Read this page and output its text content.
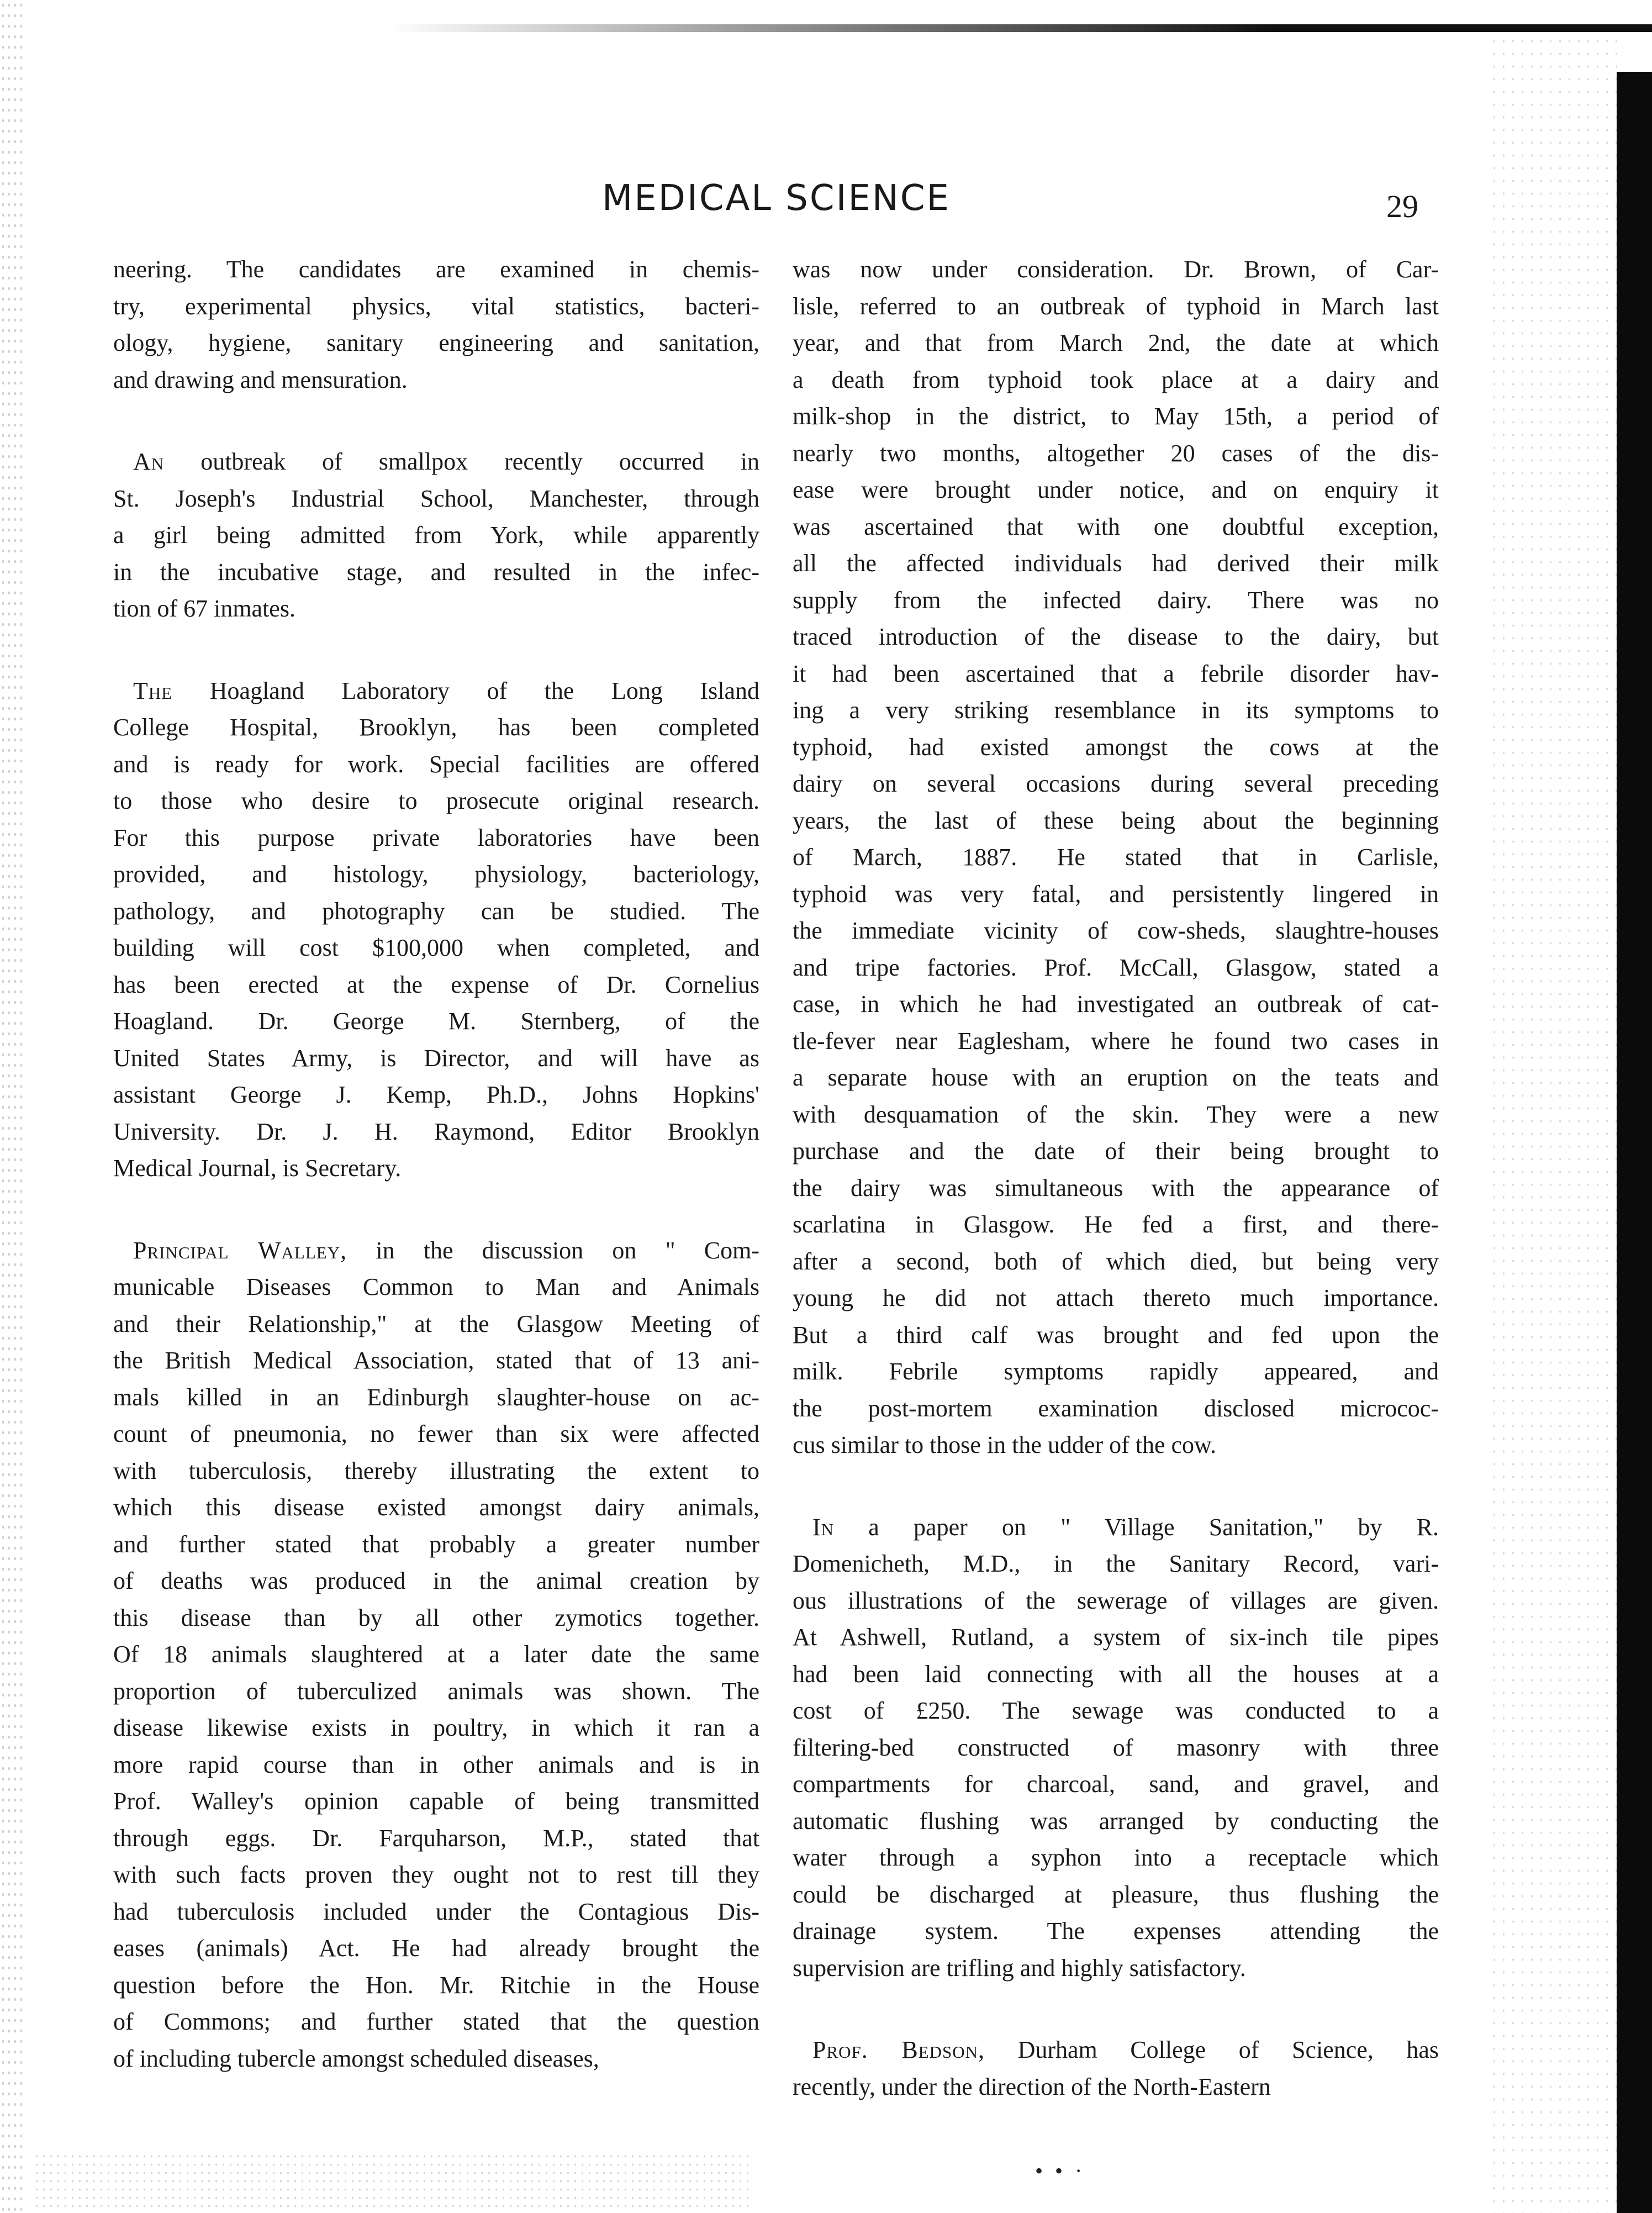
MEDICAL SCIENCE	29
neering. The candidates are examined in chemis-
try, experimental physics, vital statistics, bacteri-
ology, hygiene, sanitary engineering and sanitation,
and drawing and mensuration.
An outbreak of smallpox recently occurred in
St. Joseph's Industrial School, Manchester, through
a girl being admitted from York, while apparently
in the incubative stage, and resulted in the infec-
tion of 67 inmates.
The Hoagland Laboratory of the Long Island
College Hospital, Brooklyn, has been completed
and is ready for work. Special facilities are offered
to those who desire to prosecute original research.
For this purpose private laboratories have been
provided, and histology, physiology, bacteriology,
pathology, and photography can be studied. The
building will cost $100,000 when completed, and
has been erected at the expense of Dr. Cornelius
Hoagland. Dr. George M. Sternberg, of the
United States Army, is Director, and will have as
assistant George J. Kemp, Ph.D., Johns Hopkins'
University. Dr. J. H. Raymond, Editor Brooklyn
Medical Journal, is Secretary.
Principal Walley, in the discussion on " Com-
municable Diseases Common to Man and Animals
and their Relationship," at the Glasgow Meeting of
the British Medical Association, stated that of 13 ani-
mals killed in an Edinburgh slaughter-house on ac-
count of pneumonia, no fewer than six were affected
with tuberculosis, thereby illustrating the extent to
which this disease existed amongst dairy animals,
and further stated that probably a greater number
of deaths was produced in the animal creation by
this disease than by all other zymotics together.
Of 18 animals slaughtered at a later date the same
proportion of tuberculized animals was shown. The
disease likewise exists in poultry, in which it ran a
more rapid course than in other animals and is in
Prof. Walley's opinion capable of being transmitted
through eggs. Dr. Farquharson, M.P., stated that
with such facts proven they ought not to rest till they
had tuberculosis included under the Contagious Dis-
eases (animals) Act. He had already brought the
question before the Hon. Mr. Ritchie in the House
of Commons; and further stated that the question
of including tubercle amongst scheduled diseases,
was now under consideration. Dr. Brown, of Car-
lisle, referred to an outbreak of typhoid in March last
year, and that from March 2nd, the date at which
a death from typhoid took place at a dairy and
milk-shop in the district, to May 15th, a period of
nearly two months, altogether 20 cases of the dis-
ease were brought under notice, and on enquiry it
was ascertained that with one doubtful exception,
all the affected individuals had derived their milk
supply from the infected dairy. There was no
traced introduction of the disease to the dairy, but
it had been ascertained that a febrile disorder hav-
ing a very striking resemblance in its symptoms to
typhoid, had existed amongst the cows at the
dairy on several occasions during several preceding
years, the last of these being about the beginning
of March, 1887. He stated that in Carlisle,
typhoid was very fatal, and persistently lingered in
the immediate vicinity of cow-sheds, slaughtre-houses
and tripe factories. Prof. McCall, Glasgow, stated a
case, in which he had investigated an outbreak of cat-
tle-fever near Eaglesham, where he found two cases in
a separate house with an eruption on the teats and
with desquamation of the skin. They were a new
purchase and the date of their being brought to
the dairy was simultaneous with the appearance of
scarlatina in Glasgow. He fed a first, and there-
after a second, both of which died, but being very
young he did not attach thereto much importance.
But a third calf was brought and fed upon the
milk. Febrile symptoms rapidly appeared, and
the post-mortem examination disclosed micrococ-
cus similar to those in the udder of the cow.
In a paper on " Village Sanitation," by R.
Domenicheth, M.D., in the Sanitary Record, vari-
ous illustrations of the sewerage of villages are given.
At Ashwell, Rutland, a system of six-inch tile pipes
had been laid connecting with all the houses at a
cost of £250. The sewage was conducted to a
filtering-bed constructed of masonry with three
compartments for charcoal, sand, and gravel, and
automatic flushing was arranged by conducting the
water through a syphon into a receptacle which
could be discharged at pleasure, thus flushing the
drainage system. The expenses attending the
supervision are trifling and highly satisfactory.
Prof. Bedson, Durham College of Science, has
recently, under the direction of the North-Eastern
• • ·
